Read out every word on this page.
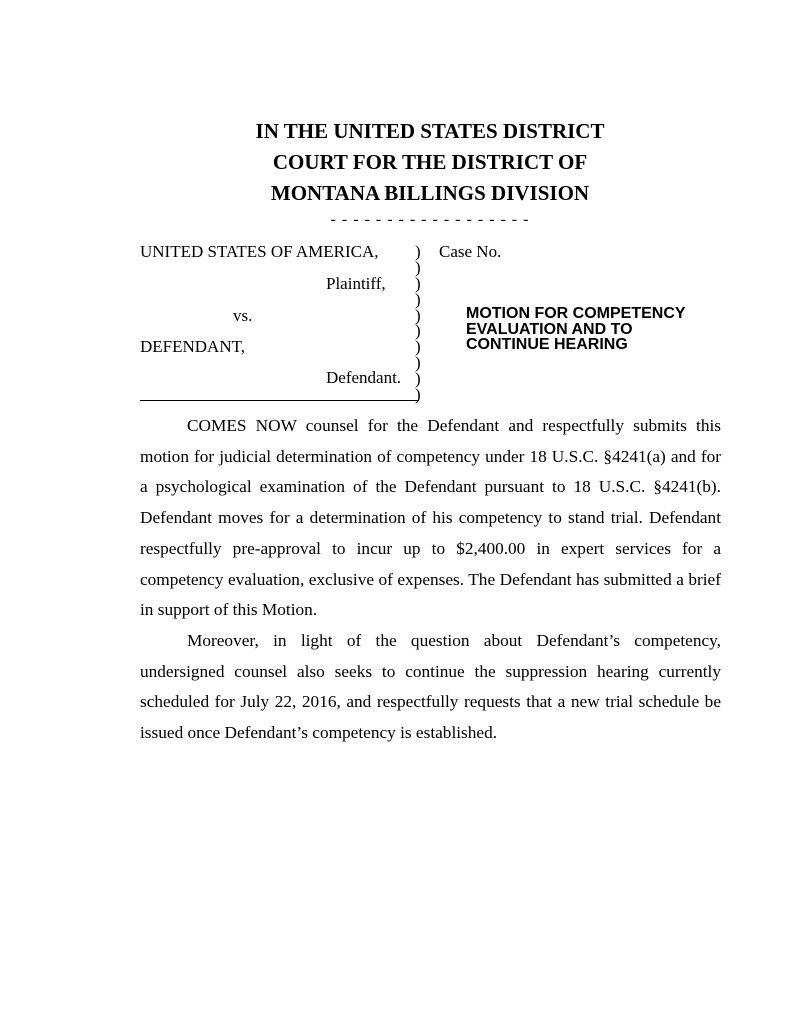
IN THE UNITED STATES DISTRICT
COURT FOR THE DISTRICT OF
MONTANA BILLINGS DIVISION
- - - - - - - - - - - - - - - - - -
UNITED STATES OF AMERICA,	Case No.
Plaintiff,
vs.
DEFENDANT,
Defendant.
)
)
)
)
)
)
)
)
)
)
MOTION FOR COMPETENCY
EVALUATION AND TO
CONTINUE HEARING

COMES NOW counsel for the Defendant and respectfully submits this motion for judicial determination of competency under 18 U.S.C. §4241(a) and for a psychological examination of the Defendant pursuant to 18 U.S.C. §4241(b). Defendant moves for a determination of his competency to stand trial. Defendant respectfully pre-approval to incur up to $2,400.00 in expert services for a competency evaluation, exclusive of expenses. The Defendant has submitted a brief in support of this Motion.

Moreover, in light of the question about Defendant’s competency, undersigned counsel also seeks to continue the suppression hearing currently scheduled for July 22, 2016, and respectfully requests that a new trial schedule be issued once Defendant’s competency is established.
